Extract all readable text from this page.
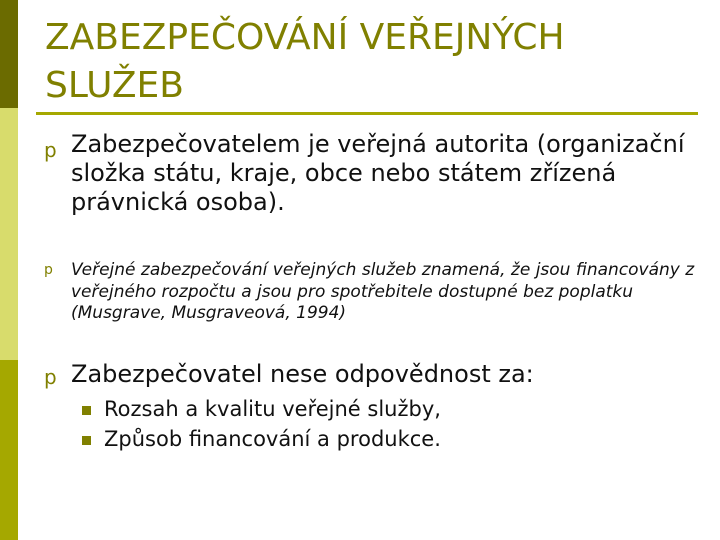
ZABEZPEČOVÁNÍ VEŘEJNÝCH SLUŽEB
p Zabezpečovatelem je veřejná autorita (organizační složka státu, kraje, obce nebo státem zřízená právnická osoba).
p Veřejné zabezpečování veřejných služeb znamená, že jsou financovány z veřejného rozpočtu a jsou pro spotřebitele dostupné bez poplatku (Musgrave, Musgraveová, 1994)
p Zabezpečovatel nese odpovědnost za:
Rozsah a kvalitu veřejné služby,
Způsob financování a produkce.
